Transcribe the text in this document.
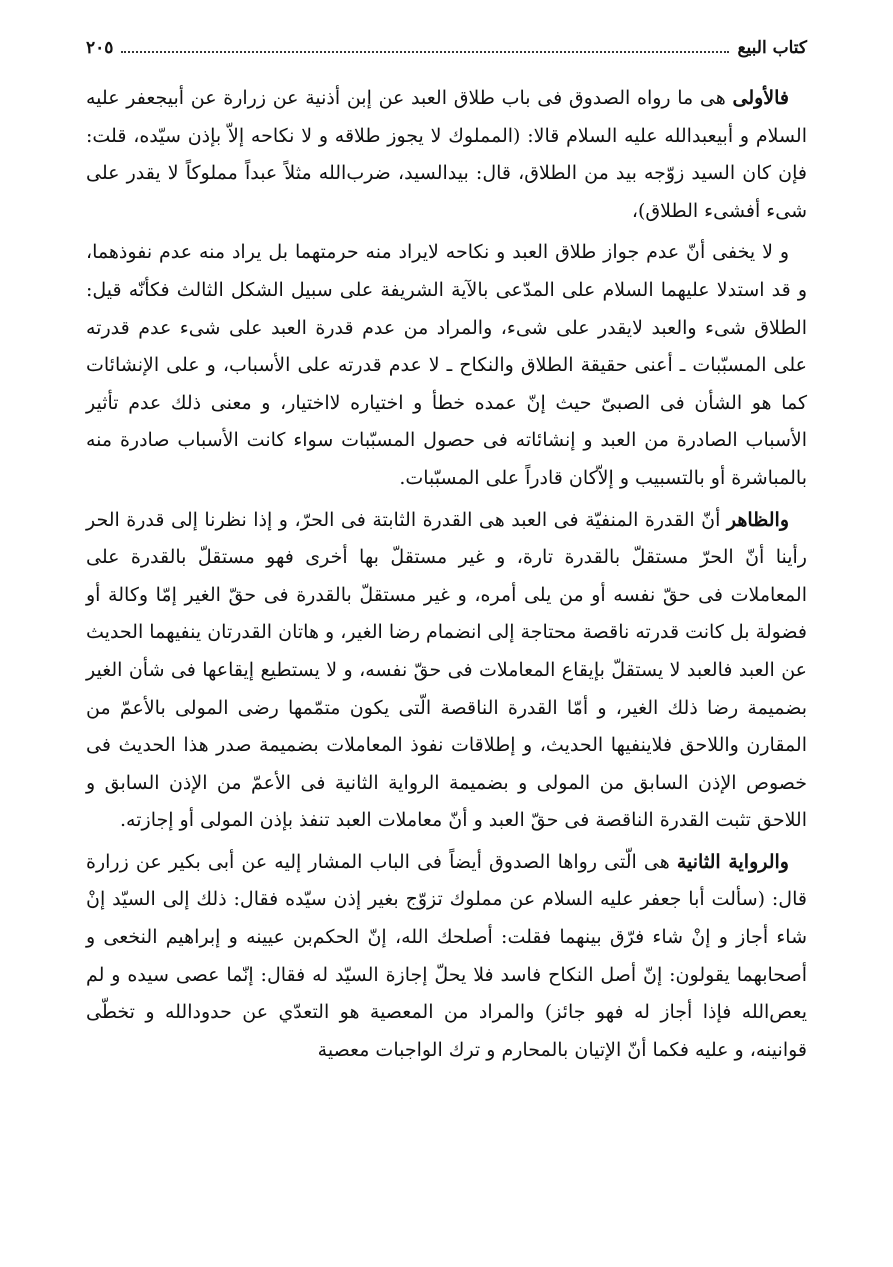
كتاب البيع
٢٠٥

فالأولى هى ما رواه الصدوق فى باب طلاق العبد عن إبن أذنية عن زرارة عن أبيجعفر عليه السلام و أبيعبدالله عليه السلام قالا: (المملوك لا يجوز طلاقه و لا نكاحه إلاّ بإذن سيّده، قلت: فإن كان السيد زوّجه بيد من الطلاق، قال: بيدالسيد، ضرب‌الله مثلاً عبداً مملوكاً لا يقدر على شىء أفشىء الطلاق)،

و لا يخفى أنّ عدم جواز طلاق العبد و نكاحه لايراد منه حرمتهما بل يراد منه عدم نفوذهما، و قد استدلا عليهما السلام على المدّعى بالآية الشريفة على سبيل الشكل الثالث فكأنّه قيل: الطلاق شىء والعبد لايقدر على شىء، والمراد من عدم قدرة العبد على شىء عدم قدرته على المسبّبات ـ أعنى حقيقة الطلاق والنكاح ـ لا عدم قدرته على الأسباب، و على الإنشائات كما هو الشأن فى الصبىّ حيث إنّ عمده خطأ و اختياره لااختيار، و معنى ذلك عدم تأثير الأسباب الصادرة من العبد و إنشائاته فى حصول المسبّبات سواء كانت الأسباب صادرة منه بالمباشرة أو بالتسبيب و إلاّكان قادراً على المسبّبات.

والظاهر أنّ القدرة المنفيّة فى العبد هى القدرة الثابتة فى الحرّ، و إذا نظرنا إلى قدرة الحر رأينا أنّ الحرّ مستقلّ بالقدرة تارة، و غير مستقلّ بها أخرى فهو مستقلّ بالقدرة على المعاملات فى حقّ نفسه أو من يلى أمره، و غير مستقلّ بالقدرة فى حقّ الغير إمّا وكالة أو فضولة بل كانت قدرته ناقصة محتاجة إلى انضمام رضا الغير، و هاتان القدرتان ينفيهما الحديث عن العبد فالعبد لا يستقلّ بإيقاع المعاملات فى حقّ نفسه، و لا يستطيع إيقاعها فى شأن الغير بضميمة رضا ذلك الغير، و أمّا القدرة الناقصة الّتى يكون متمّمها رضى المولى بالأعمّ من المقارن واللاحق فلاينفيها الحديث، و إطلاقات نفوذ المعاملات بضميمة صدر هذا الحديث فى خصوص الإذن السابق من المولى و بضميمة الرواية الثانية فى الأعمّ من الإذن السابق و اللاحق تثبت القدرة الناقصة فى حقّ العبد و أنّ معاملات العبد تنفذ بإذن المولى أو إجازته.

والرواية الثانية هى الّتى رواها الصدوق أيضاً فى الباب المشار إليه عن أبى بكير عن زرارة قال: (سألت أبا جعفر عليه السلام عن مملوك تزوّج بغير إذن سيّده فقال: ذلك إلى السيّد إنْ شاء أجاز و إنْ شاء فرّق بينهما فقلت: أصلحك الله، إنّ الحكم‌بن عيينه و إبراهيم النخعى و أصحابهما يقولون: إنّ أصل النكاح فاسد فلا يحلّ إجازة السيّد له فقال: إنّما عصى سيده و لم يعص‌الله فإذا أجاز له فهو جائز) والمراد من المعصية هو التعدّي عن حدودالله و تخطّى قوانينه، و عليه فكما أنّ الإتيان بالمحارم و ترك الواجبات معصية
